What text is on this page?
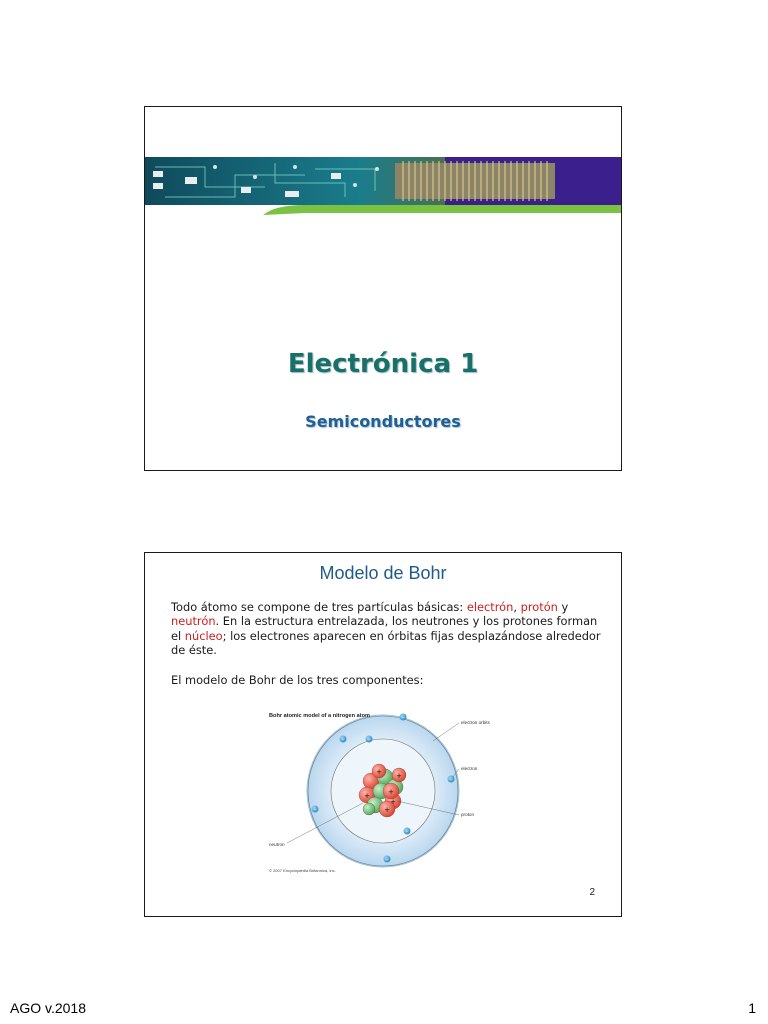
Electrónica 1
Semiconductores
Modelo de Bohr
Todo átomo se compone de tres partículas básicas: electrón, protón y neutrón. En la estructura entrelazada, los neutrones y los protones forman el núcleo; los electrones aparecen en órbitas fijas desplazándose alrededor de éste.
El modelo de Bohr de los tres componentes:
+ +
+	+
+
+
−
−	−
−
−
−
−
Bohr atomic model of a nitrogen atom
electron orbits
electron
proton
neutron
© 2007 Encyclopædia Britannica, Inc.
2
AGO v.2018	1
